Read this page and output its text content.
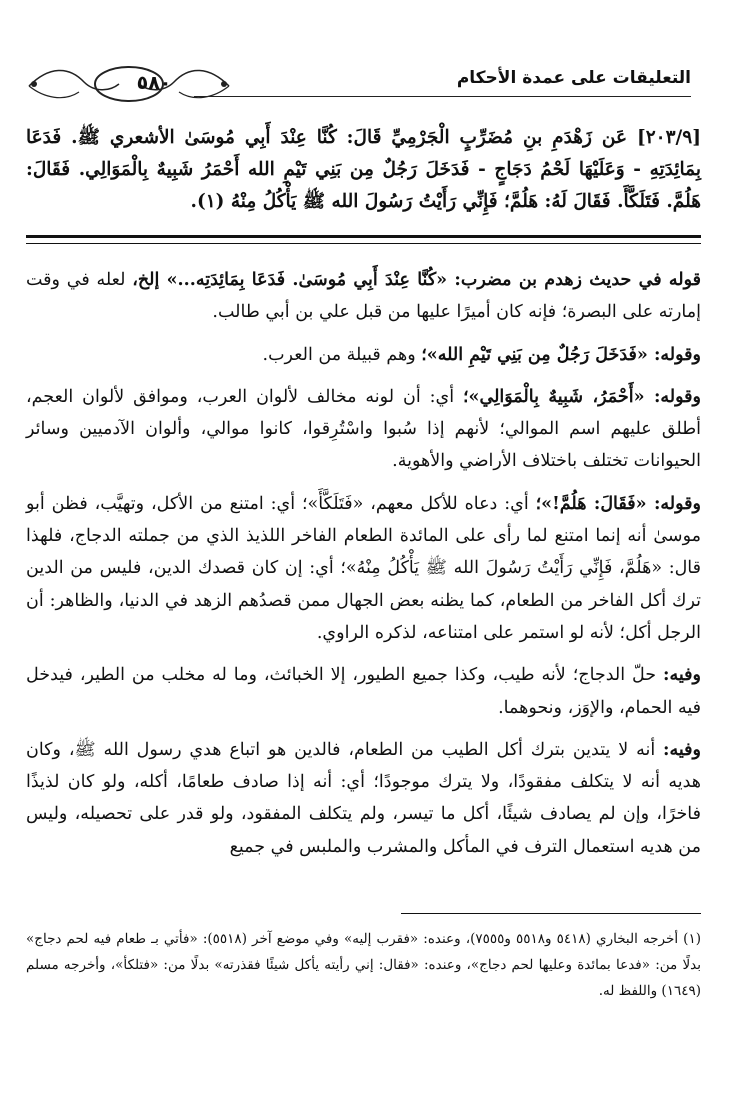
التعليقات على عمدة الأحكام
٥٨٠
[٢٠٣/٩] عَن زَهْدَمِ بنِ مُضَرِّبٍ الْجَرْمِيِّ قَالَ: كُنَّا عِنْدَ أَبِي مُوسَىٰ الأشعري ﷺ. فَدَعَا بِمَائِدَتِهِ - وَعَلَيْهَا لَحْمُ دَجَاجٍ - فَدَخَلَ رَجُلٌ مِن بَنِي تَيْمِ الله أَحْمَرُ شَبِيهٌ بِالْمَوَالِي. فَقَالَ: هَلُمَّ. فَتَلَكَّأَ. فَقَالَ لَهُ: هَلُمَّ؛ فَإِنِّي رَأَيْتُ رَسُولَ الله ﷺ يَأْكُلُ مِنْهُ (١).

قوله في حديث زهدم بن مضرب: «كُنَّا عِنْدَ أَبِي مُوسَىٰ. فَدَعَا بِمَائِدَتِه...» إلخ، لعله في وقت إمارته على البصرة؛ فإنه كان أميرًا عليها من قبل علي بن أبي طالب.

وقوله: «فَدَخَلَ رَجُلٌ مِن بَنِي تَيْمِ الله»؛ وهم قبيلة من العرب.

وقوله: «أَحْمَرُ، شَبِيهٌ بِالْمَوَالِي»؛ أي: أن لونه مخالف لألوان العرب، وموافق لألوان العجم، أطلق عليهم اسم الموالي؛ لأنهم إذا سُبوا واسْتُرِقوا، كانوا موالي، وألوان الآدميين وسائر الحيوانات تختلف باختلاف الأراضي والأهوية.

وقوله: «فَقَالَ: هَلُمَّ!»؛ أي: دعاه للأكل معهم، «فَتَلَكَّأَ»؛ أي: امتنع من الأكل، وتهيَّب، فظن أبو موسىٰ أنه إنما امتنع لما رأى على المائدة الطعام الفاخر اللذيذ الذي من جملته الدجاج، فلهذا قال: «هَلُمَّ، فَإِنِّي رَأَيْتُ رَسُولَ الله ﷺ يَأْكُلُ مِنْهُ»؛ أي: إن كان قصدك الدين، فليس من الدين ترك أكل الفاخر من الطعام، كما يظنه بعض الجهال ممن قصدُهم الزهد في الدنيا، والظاهر: أن الرجل أكل؛ لأنه لو استمر على امتناعه، لذكره الراوي.

وفيه: حلّ الدجاج؛ لأنه طيب، وكذا جميع الطيور، إلا الخبائث، وما له مخلب من الطير، فيدخل فيه الحمام، والإوَز، ونحوهما.

وفيه: أنه لا يتدين بترك أكل الطيب من الطعام، فالدين هو اتباع هدي رسول الله ﷺ، وكان هديه أنه لا يتكلف مفقودًا، ولا يترك موجودًا؛ أي: أنه إذا صادف طعامًا، أكله، ولو كان لذيذًا فاخرًا، وإن لم يصادف شيئًا، أكل ما تيسر، ولم يتكلف المفقود، ولو قدر على تحصيله، وليس من هديه استعمال الترف في المأكل والمشرب والملبس في جميع

(١) أخرجه البخاري (٥٤١٨ و٥٥١٨ و٧٥٥٥)، وعنده: «فقرب إليه» وفي موضع آخر (٥٥١٨): «فأتي بـ طعام فيه لحم دجاج» بدلًا من: «فدعا بمائدة وعليها لحم دجاج»، وعنده: «فقال: إني رأيته يأكل شيئًا فقذرته» بدلًا من: «فتلكأ»، وأخرجه مسلم (١٦٤٩) واللفظ له.
